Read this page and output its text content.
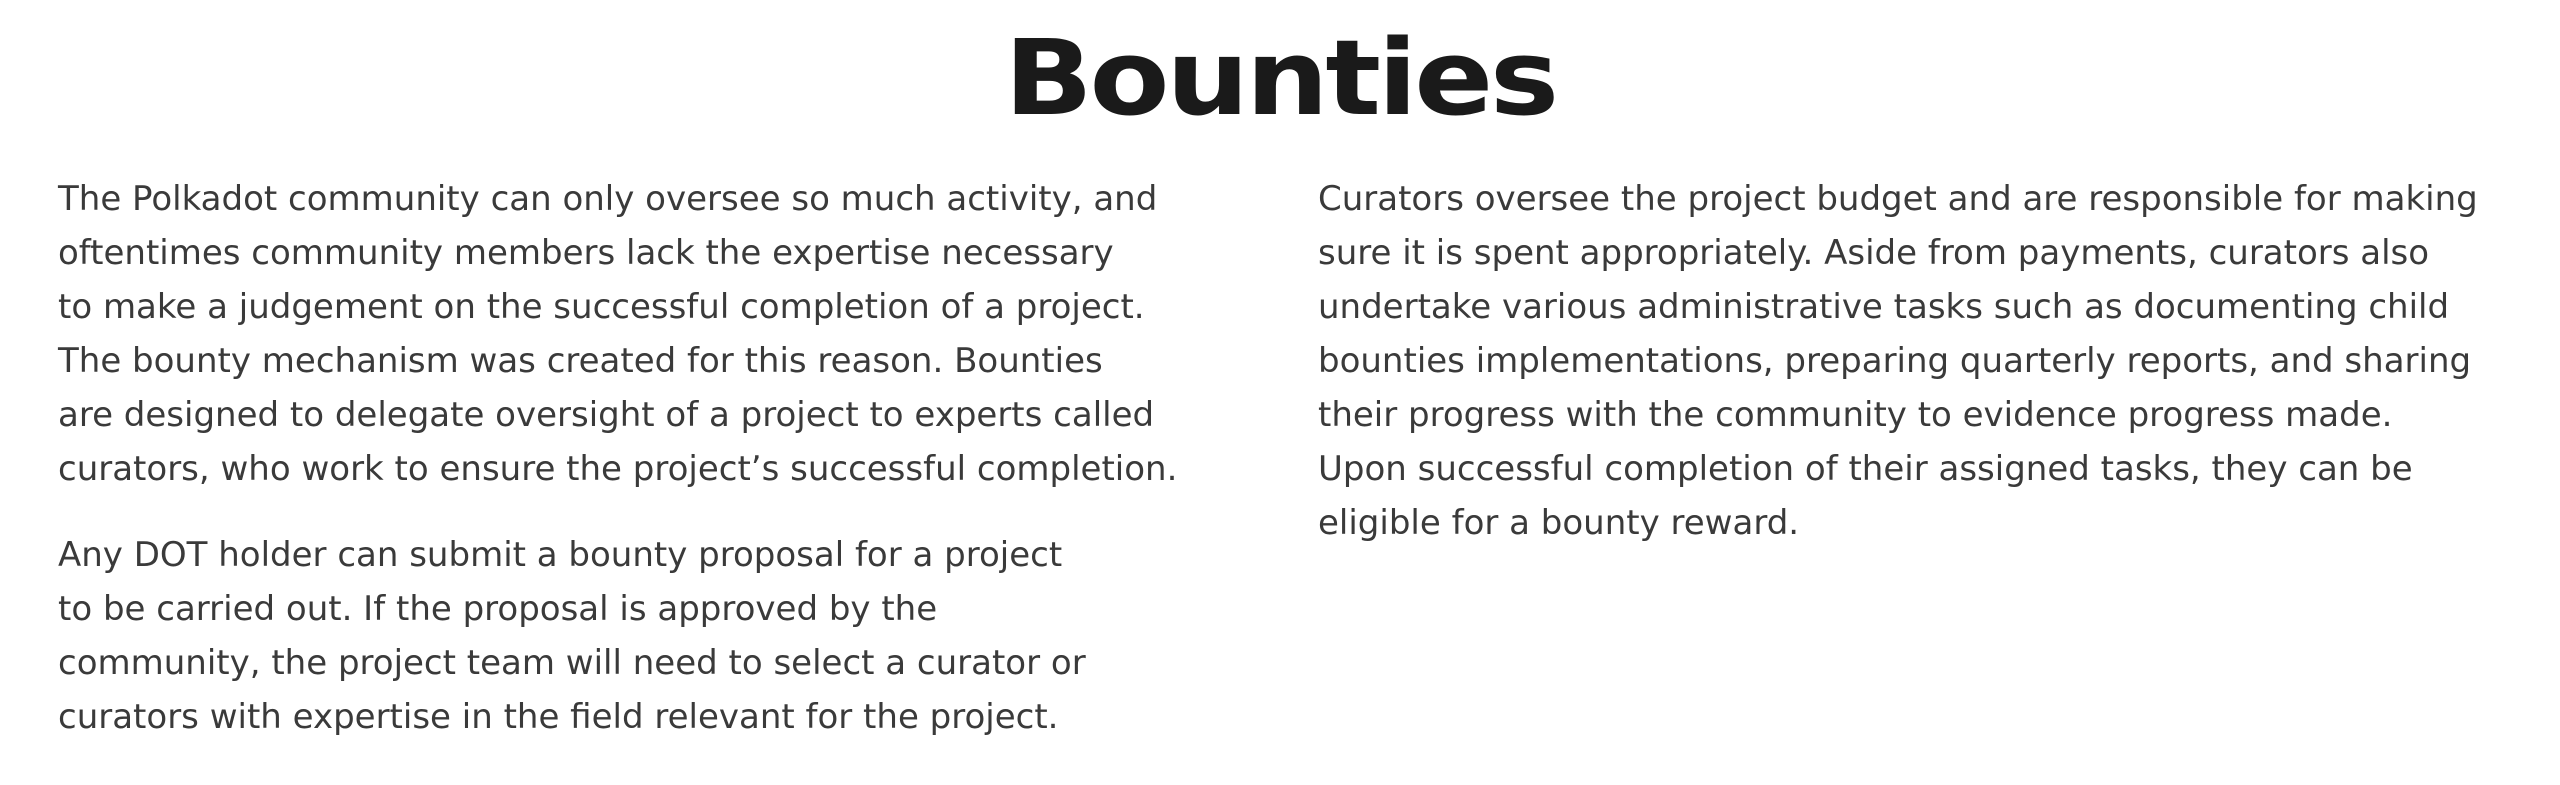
Bounties

The Polkadot community can only oversee so much activity, and
oftentimes community members lack the expertise necessary
to make a judgement on the successful completion of a project.
The bounty mechanism was created for this reason. Bounties
are designed to delegate oversight of a project to experts called
curators, who work to ensure the project’s successful completion.

Any DOT holder can submit a bounty proposal for a project
to be carried out. If the proposal is approved by the
community, the project team will need to select a curator or
curators with expertise in the field relevant for the project.

Curators oversee the project budget and are responsible for making
sure it is spent appropriately. Aside from payments, curators also
undertake various administrative tasks such as documenting child
bounties implementations, preparing quarterly reports, and sharing
their progress with the community to evidence progress made.
Upon successful completion of their assigned tasks, they can be
eligible for a bounty reward.
